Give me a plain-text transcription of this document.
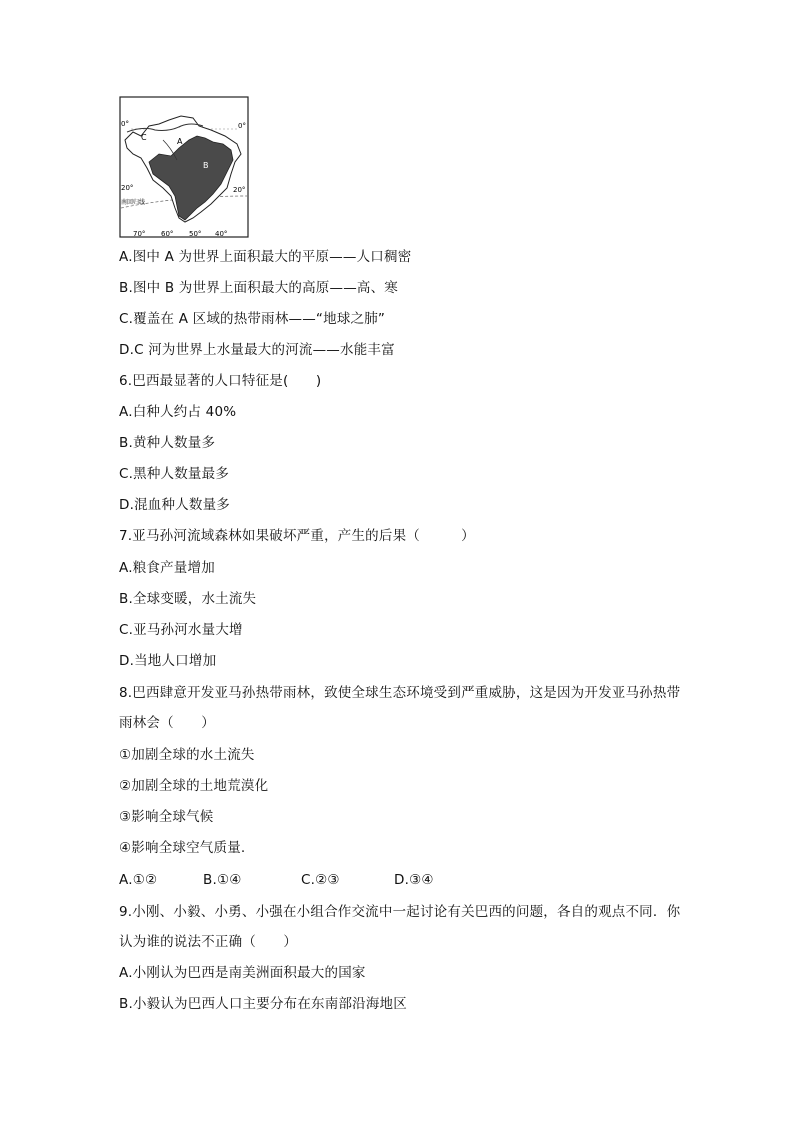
0°	0°
C	A
B
20°	20°
南回归线
70° 60° 50° 40°
A.图中 A 为世界上面积最大的平原——人口稠密
B.图中 B 为世界上面积最大的高原——高、寒
C.覆盖在 A 区域的热带雨林——“地球之肺”
D.C 河为世界上水量最大的河流——水能丰富
6.巴西最显著的人口特征是(　　)
A.白种人约占 40%
B.黄种人数量多
C.黑种人数量最多
D.混血种人数量多
7.亚马孙河流域森林如果破坏严重，产生的后果（　　　）
A.粮食产量增加
B.全球变暖，水土流失
C.亚马孙河水量大增
D.当地人口增加
8.巴西肆意开发亚马孙热带雨林，致使全球生态环境受到严重威胁，这是因为开发亚马孙热带
雨林会（　　）
①加剧全球的水土流失
②加剧全球的土地荒漠化
③影响全球气候
④影响全球空气质量.
A.①②	B.①④	C.②③	D.③④
9.小刚、小毅、小勇、小强在小组合作交流中一起讨论有关巴西的问题，各自的观点不同．你
认为谁的说法不正确（　　）
A.小刚认为巴西是南美洲面积最大的国家
B.小毅认为巴西人口主要分布在东南部沿海地区
